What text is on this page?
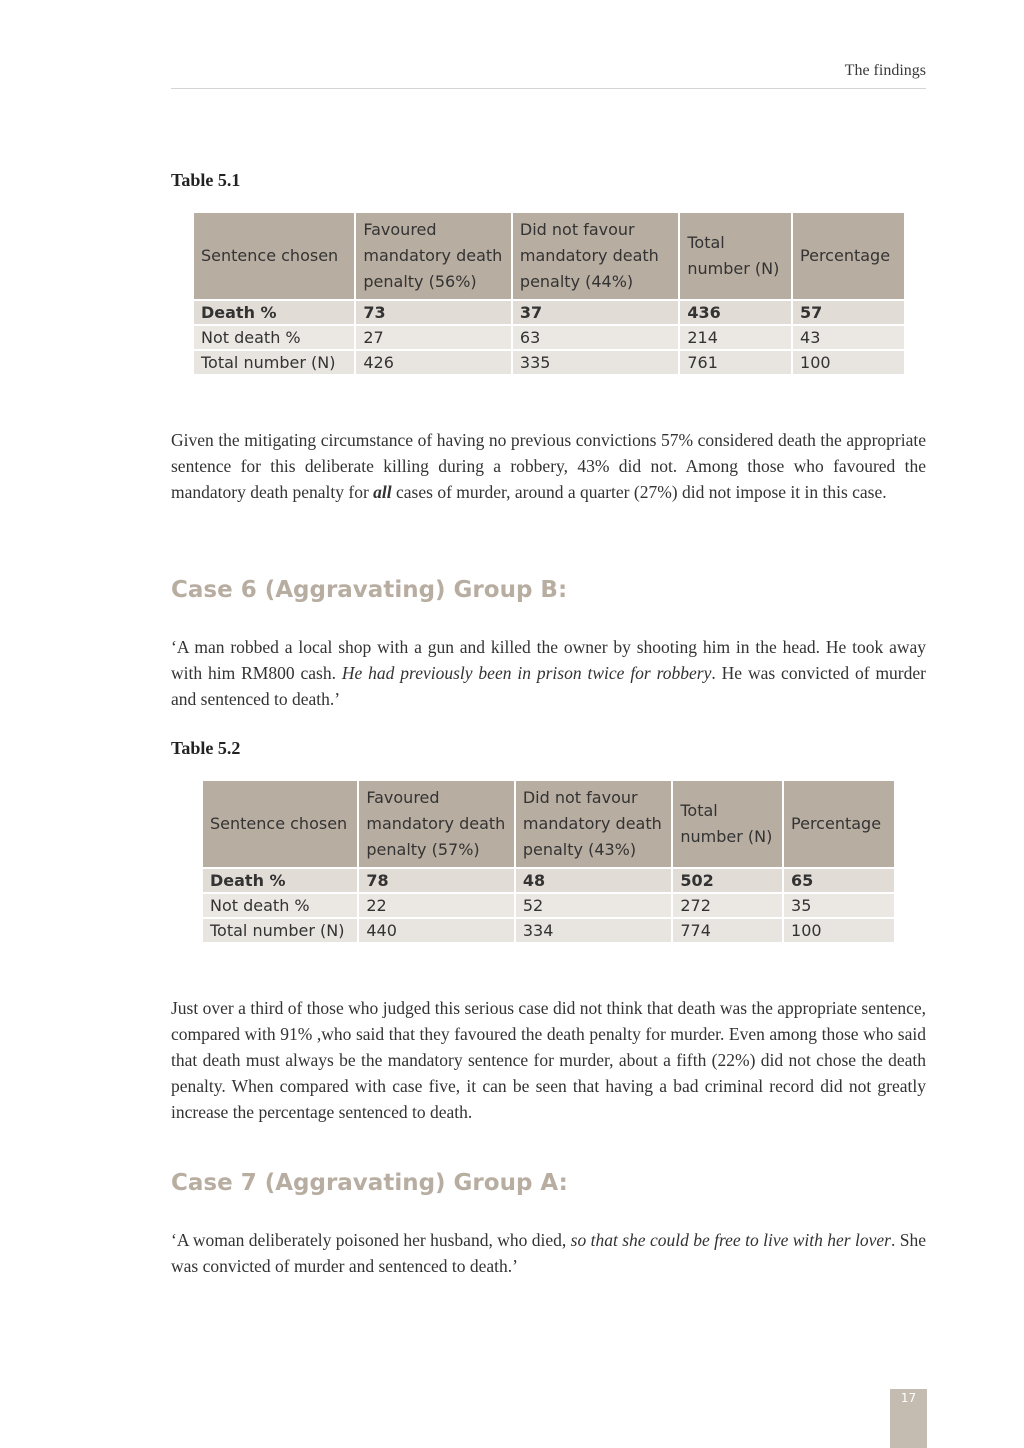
The findings
Table 5.1
Sentence chosen	Favoured mandatory death penalty (56%)	Did not favour mandatory death penalty (44%)	Total number (N)	Percentage
Death %	73	37	436	57
Not death %	27	63	214	43
Total number (N)	426	335	761	100

Given the mitigating circumstance of having no previous convictions 57% considered death the appropriate sentence for this deliberate killing during a robbery, 43% did not. Among those who favoured the mandatory death penalty for all cases of murder, around a quarter (27%) did not impose it in this case.

Case 6 (Aggravating) Group B:

‘A man robbed a local shop with a gun and killed the owner by shooting him in the head. He took away with him RM800 cash. He had previously been in prison twice for robbery. He was convicted of murder and sentenced to death.’

Table 5.2
Sentence chosen	Favoured mandatory death penalty (57%)	Did not favour mandatory death penalty (43%)	Total number (N)	Percentage
Death %	78	48	502	65
Not death %	22	52	272	35
Total number (N)	440	334	774	100

Just over a third of those who judged this serious case did not think that death was the appropriate sentence, compared with 91% ,who said that they favoured the death penalty for murder. Even among those who said that death must always be the mandatory sentence for murder, about a fifth (22%) did not chose the death penalty. When compared with case five, it can be seen that having a bad criminal record did not greatly increase the percentage sentenced to death.

Case 7 (Aggravating) Group A:

‘A woman deliberately poisoned her husband, who died, so that she could be free to live with her lover. She was convicted of murder and sentenced to death.’

17
